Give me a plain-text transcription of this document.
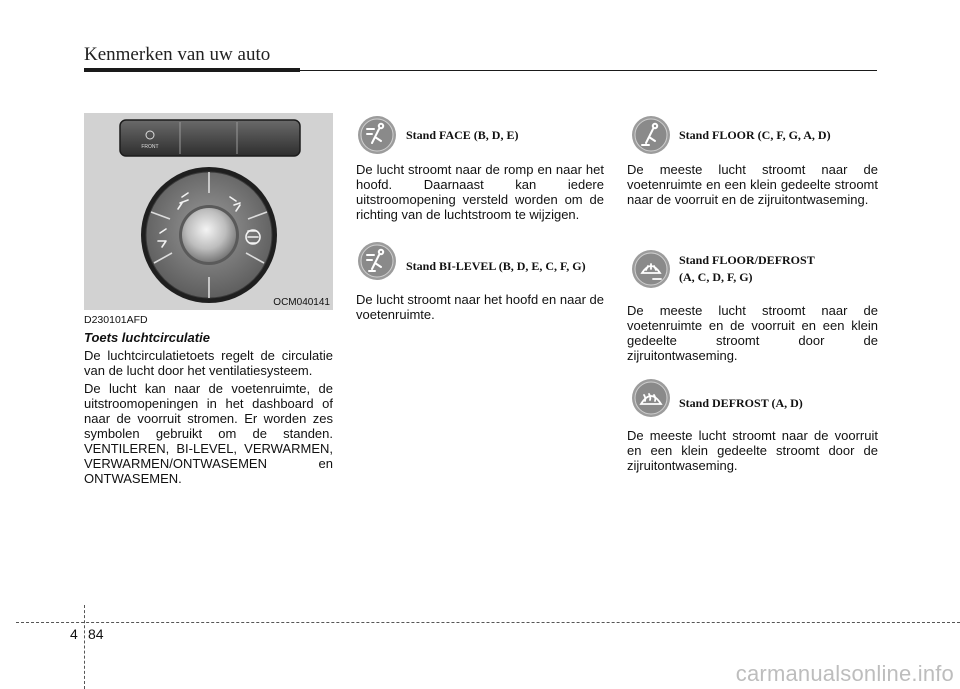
Kenmerken van uw auto
FRONT
OCM040141
D230101AFD
Toets luchtcirculatie
De luchtcirculatietoets regelt de circulatie van de lucht door het ventilatiesysteem.
De lucht kan naar de voetenruimte, de uitstroomopeningen in het dashboard of naar de voorruit stromen. Er worden zes symbolen gebruikt om de standen. VENTILEREN, BI-LEVEL, VERWARMEN, VERWARMEN/ONTWASEMEN en ONTWASEMEN.
Stand FACE (B, D, E)
De lucht stroomt naar de romp en naar het hoofd. Daarnaast kan iedere uitstroomopening versteld worden om de richting van de luchtstroom te wijzigen.
Stand BI-LEVEL (B, D, E, C, F, G)
De lucht stroomt naar het hoofd en naar de voetenruimte.
Stand FLOOR (C, F, G, A, D)
De meeste lucht stroomt naar de voetenruimte en een klein gedeelte stroomt naar de voorruit en de zijruitontwaseming.
Stand FLOOR/DEFROST
(A, C, D, F, G)
De meeste lucht stroomt naar de voetenruimte en de voorruit en een klein gedeelte stroomt door de zijruitontwaseming.
Stand DEFROST (A, D)
De meeste lucht stroomt naar de voorruit en een klein gedeelte stroomt door de zijruitontwaseming.
4 84
carmanualsonline.info
